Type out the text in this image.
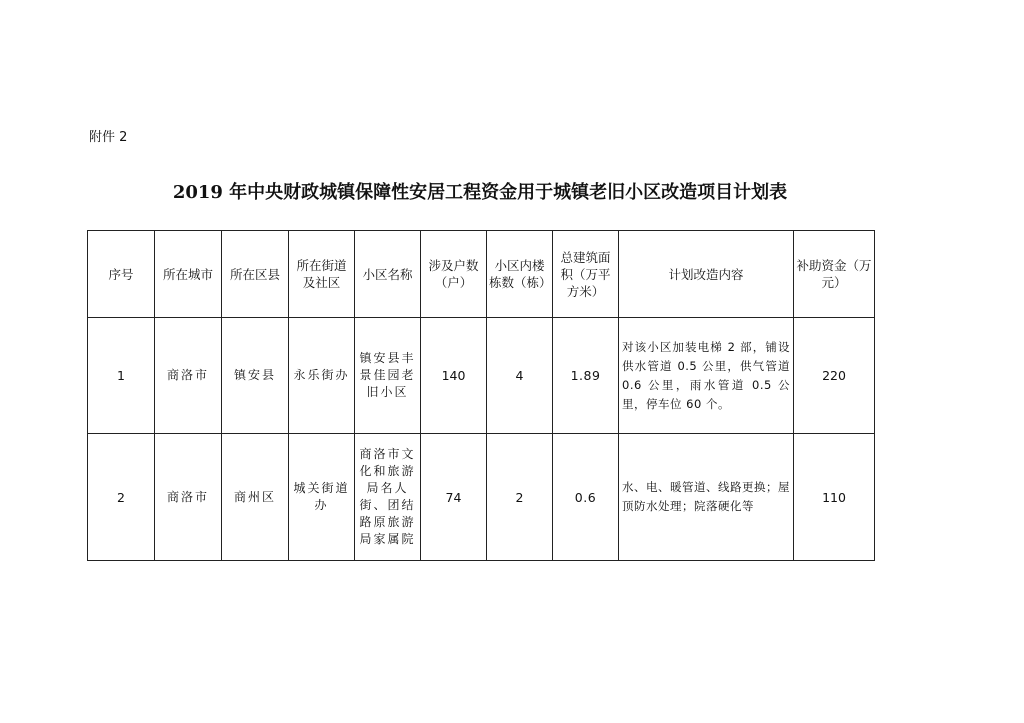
附件 2
2019 年中央财政城镇保障性安居工程资金用于城镇老旧小区改造项目计划表
序号	所在城市	所在区县	所在街道及社区	小区名称	涉及户数（户）	小区内楼栋数（栋）	总建筑面积（万平方米）	计划改造内容	补助资金（万元）
1	商洛市	镇安县	永乐街办	镇安县丰景佳园老旧小区	140	4	1.89	对该小区加装电梯 2 部，铺设供水管道 0.5 公里，供气管道 0.6 公里，雨水管道 0.5 公里，停车位 60 个。	220
2	商洛市	商州区	城关街道办	商洛市文化和旅游局名人街、团结路原旅游局家属院	74	2	0.6	水、电、暖管道、线路更换；屋顶防水处理；院落硬化等	110
